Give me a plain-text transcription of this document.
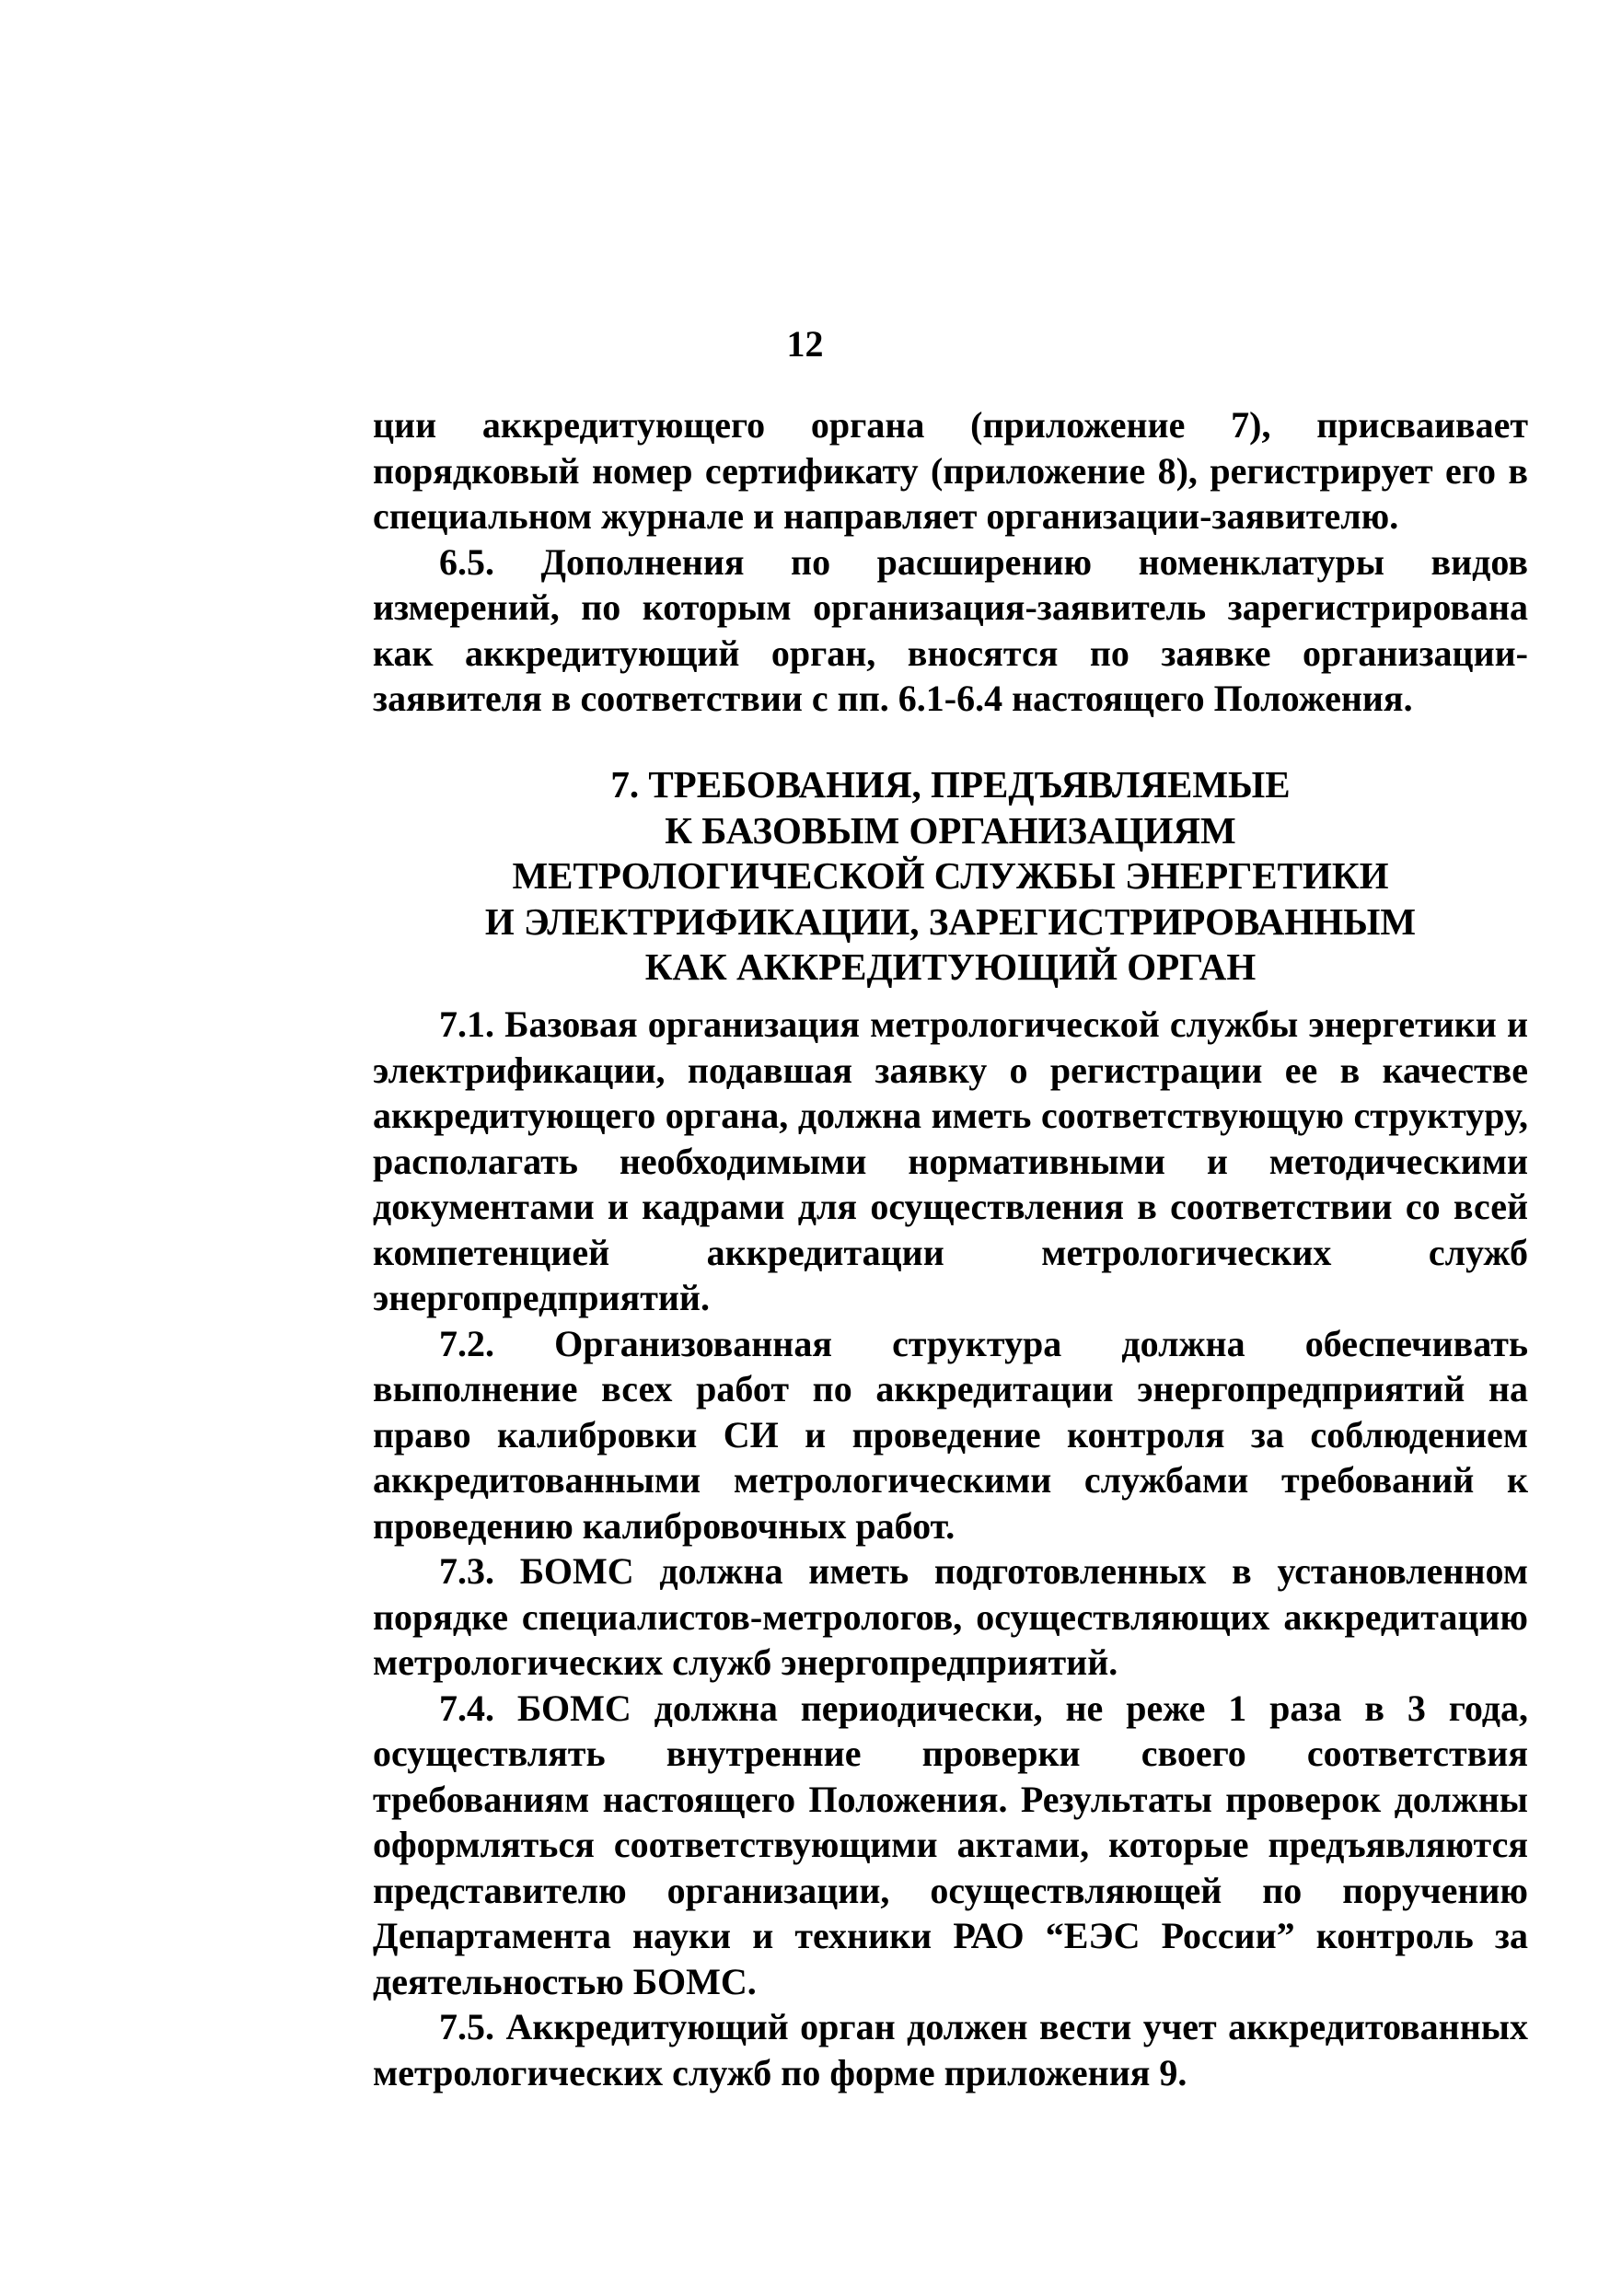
12

ции аккредитующего органа (приложение 7), присваивает порядковый номер сертификату (приложение 8), регистрирует его в специальном журнале и направляет организации-заявителю.

6.5. Дополнения по расширению номенклатуры видов измерений, по которым организация-заявитель зарегистрирована как аккредитующий орган, вносятся по заявке организации-заявителя в соответствии с пп. 6.1-6.4 настоящего Положения.

7. ТРЕБОВАНИЯ, ПРЕДЪЯВЛЯЕМЫЕ
К БАЗОВЫМ ОРГАНИЗАЦИЯМ
МЕТРОЛОГИЧЕСКОЙ СЛУЖБЫ ЭНЕРГЕТИКИ
И ЭЛЕКТРИФИКАЦИИ, ЗАРЕГИСТРИРОВАННЫМ
КАК АККРЕДИТУЮЩИЙ ОРГАН

7.1. Базовая организация метрологической службы энергетики и электрификации, подавшая заявку о регистрации ее в качестве аккредитующего органа, должна иметь соответствующую структуру, располагать необходимыми нормативными и методическими документами и кадрами для осуществления в соответствии со всей компетенцией аккредитации метрологических служб энергопредприятий.

7.2. Организованная структура должна обеспечивать выполнение всех работ по аккредитации энергопредприятий на право калибровки СИ и проведение контроля за соблюдением аккредитованными метрологическими службами требований к проведению калибровочных работ.

7.3. БОМС должна иметь подготовленных в установленном порядке специалистов-метрологов, осуществляющих аккредитацию метрологических служб энергопредприятий.

7.4. БОМС должна периодически, не реже 1 раза в 3 года, осуществлять внутренние проверки своего соответствия требованиям настоящего Положения. Результаты проверок должны оформляться соответствующими актами, которые предъявляются представителю организации, осуществляющей по поручению Департамента науки и техники РАО “ЕЭС России” контроль за деятельностью БОМС.

7.5. Аккредитующий орган должен вести учет аккредитованных метрологических служб по форме приложения 9.
